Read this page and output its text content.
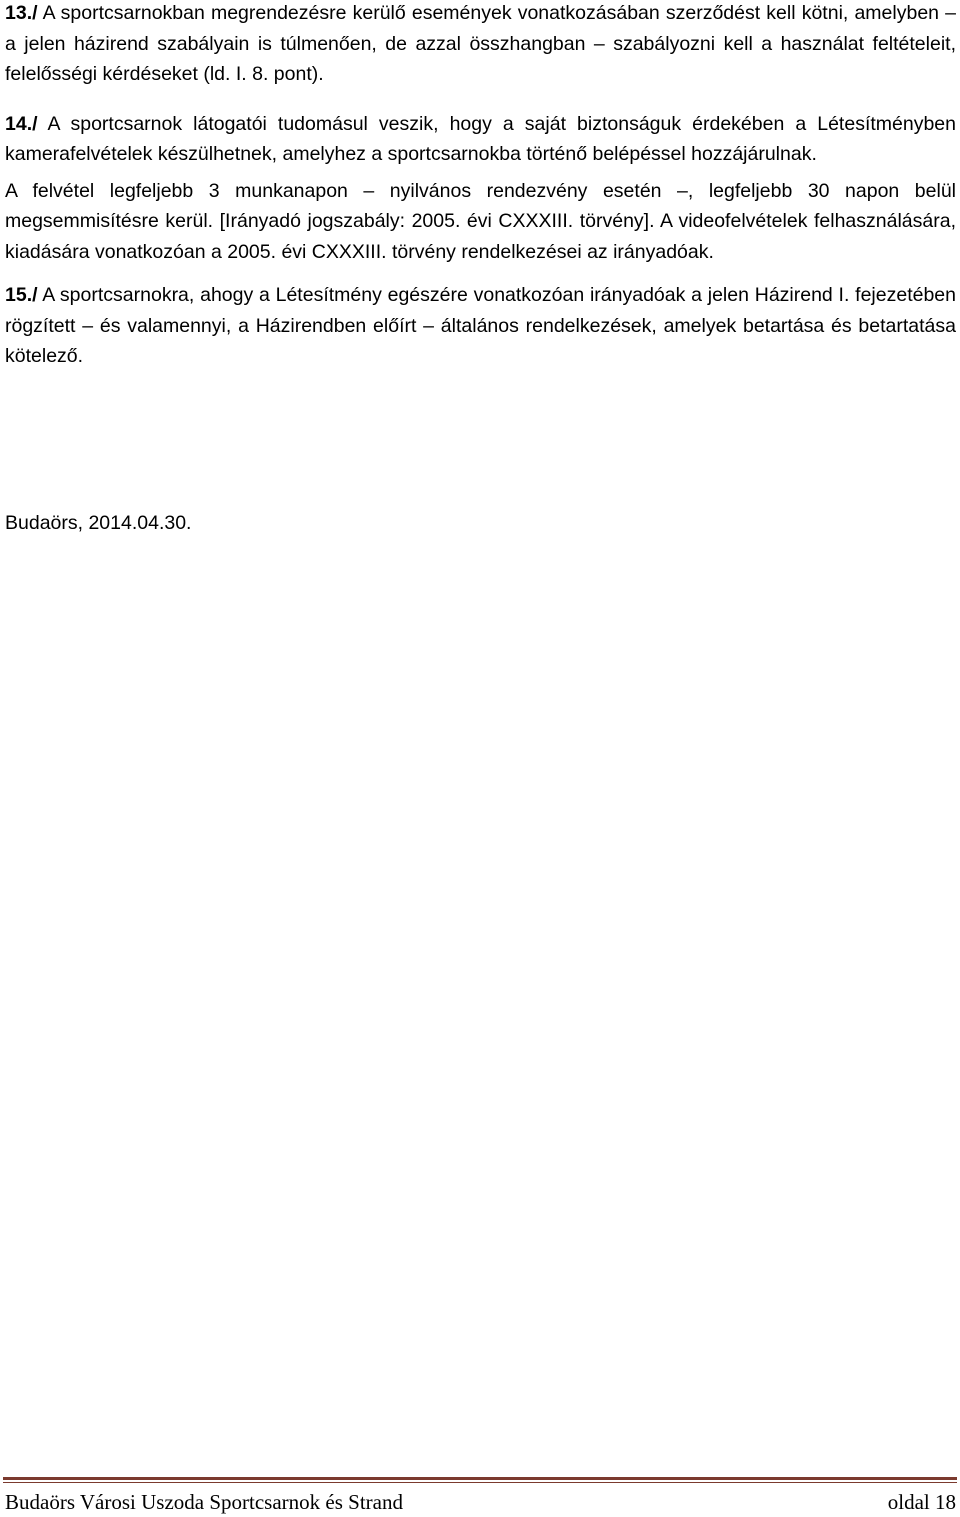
13./ A sportcsarnokban megrendezésre kerülő események vonatkozásában szerződést kell kötni, amelyben – a jelen házirend szabályain is túlmenően, de azzal összhangban – szabályozni kell a használat feltételeit, felelősségi kérdéseket (ld. I. 8. pont).

14./ A sportcsarnok látogatói tudomásul veszik, hogy a saját biztonságuk érdekében a Létesítményben kamerafelvételek készülhetnek, amelyhez a sportcsarnokba történő belépéssel hozzájárulnak.

A felvétel legfeljebb 3 munkanapon – nyilvános rendezvény esetén –, legfeljebb 30 napon belül megsemmisítésre kerül. [Irányadó jogszabály: 2005. évi CXXXIII. törvény]. A videofelvételek felhasználására, kiadására vonatkozóan a 2005. évi CXXXIII. törvény rendelkezései az irányadóak.

15./ A sportcsarnokra, ahogy a Létesítmény egészére vonatkozóan irányadóak a jelen Házirend I. fejezetében rögzített – és valamennyi, a Házirendben előírt – általános rendelkezések, amelyek betartása és betartatása kötelező.

Budaörs, 2014.04.30.
Budaörs Városi Uszoda Sportcsarnok és Strand	oldal 18
